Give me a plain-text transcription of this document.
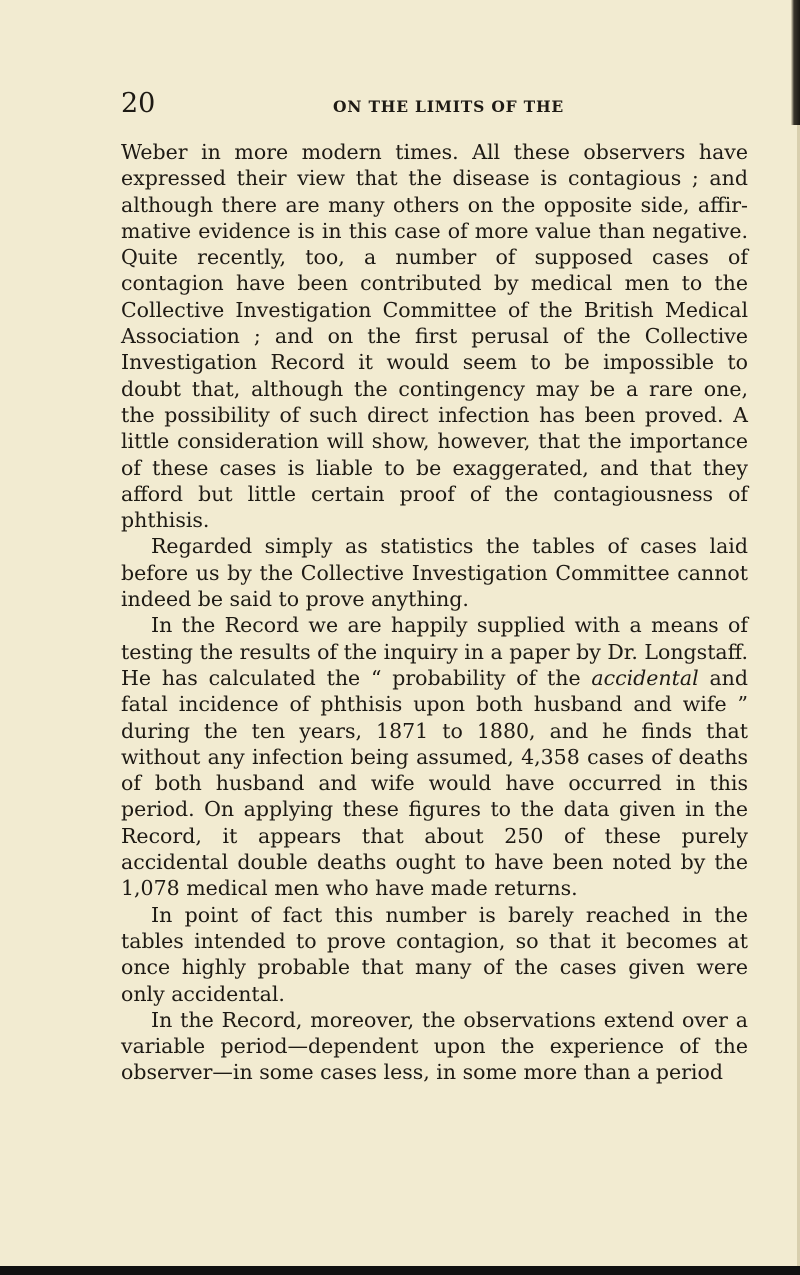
20	ON THE LIMITS OF THE

Weber in more modern times. All these observers have expressed their view that the disease is contagious ; and although there are many others on the opposite side, affir-mative evidence is in this case of more value than negative. Quite recently, too, a number of supposed cases of contagion have been contributed by medical men to the Collective Investigation Committee of the British Medical Association ; and on the first perusal of the Collective Investigation Record it would seem to be impossible to doubt that, although the contingency may be a rare one, the possibility of such direct infection has been proved. A little consideration will show, however, that the importance of these cases is liable to be exaggerated, and that they afford but little certain proof of the contagiousness of phthisis.

Regarded simply as statistics the tables of cases laid before us by the Collective Investigation Committee cannot indeed be said to prove anything.

In the Record we are happily supplied with a means of testing the results of the inquiry in a paper by Dr. Longstaff. He has calculated the “ probability of the accidental and fatal incidence of phthisis upon both husband and wife ” during the ten years, 1871 to 1880, and he finds that without any infection being assumed, 4,358 cases of deaths of both husband and wife would have occurred in this period. On applying these figures to the data given in the Record, it appears that about 250 of these purely accidental double deaths ought to have been noted by the 1,078 medical men who have made returns.

In point of fact this number is barely reached in the tables intended to prove contagion, so that it becomes at once highly probable that many of the cases given were only accidental.

In the Record, moreover, the observations extend over a variable period—dependent upon the experience of the observer—in some cases less, in some more than a period
